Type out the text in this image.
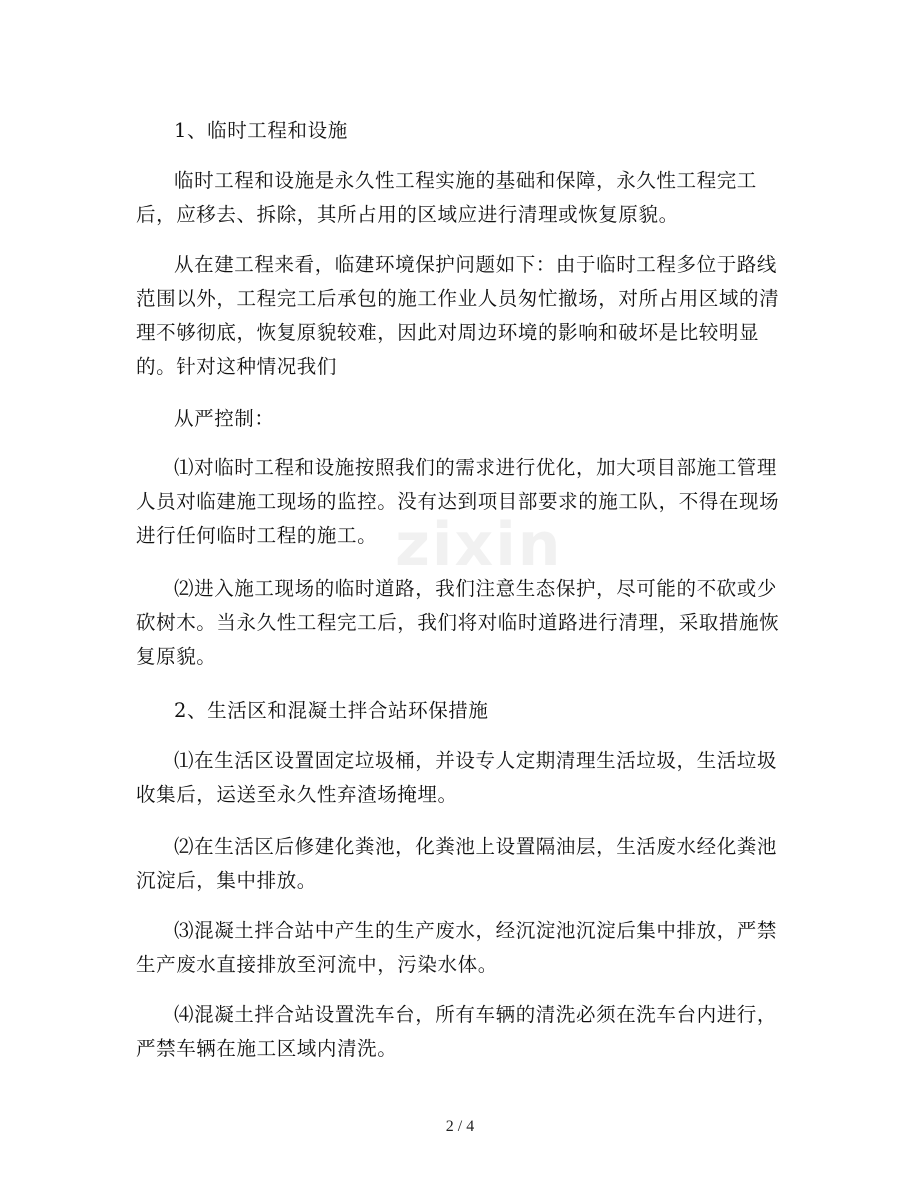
1、临时工程和设施

临时工程和设施是永久性工程实施的基础和保障，永久性工程完工后，应移去、拆除，其所占用的区域应进行清理或恢复原貌。

从在建工程来看，临建环境保护问题如下：由于临时工程多位于路线范围以外，工程完工后承包的施工作业人员匆忙撤场，对所占用区域的清理不够彻底，恢复原貌较难，因此对周边环境的影响和破坏是比较明显的。针对这种情况我们

从严控制：

⑴对临时工程和设施按照我们的需求进行优化，加大项目部施工管理人员对临建施工现场的监控。没有达到项目部要求的施工队，不得在现场进行任何临时工程的施工。

⑵进入施工现场的临时道路，我们注意生态保护，尽可能的不砍或少砍树木。当永久性工程完工后，我们将对临时道路进行清理，采取措施恢复原貌。

2、生活区和混凝土拌合站环保措施

⑴在生活区设置固定垃圾桶，并设专人定期清理生活垃圾，生活垃圾收集后，运送至永久性弃渣场掩埋。

⑵在生活区后修建化粪池，化粪池上设置隔油层，生活废水经化粪池沉淀后，集中排放。

⑶混凝土拌合站中产生的生产废水，经沉淀池沉淀后集中排放，严禁生产废水直接排放至河流中，污染水体。

⑷混凝土拌合站设置洗车台，所有车辆的清洗必须在洗车台内进行，严禁车辆在施工区域内清洗。

zixin
2 / 4
